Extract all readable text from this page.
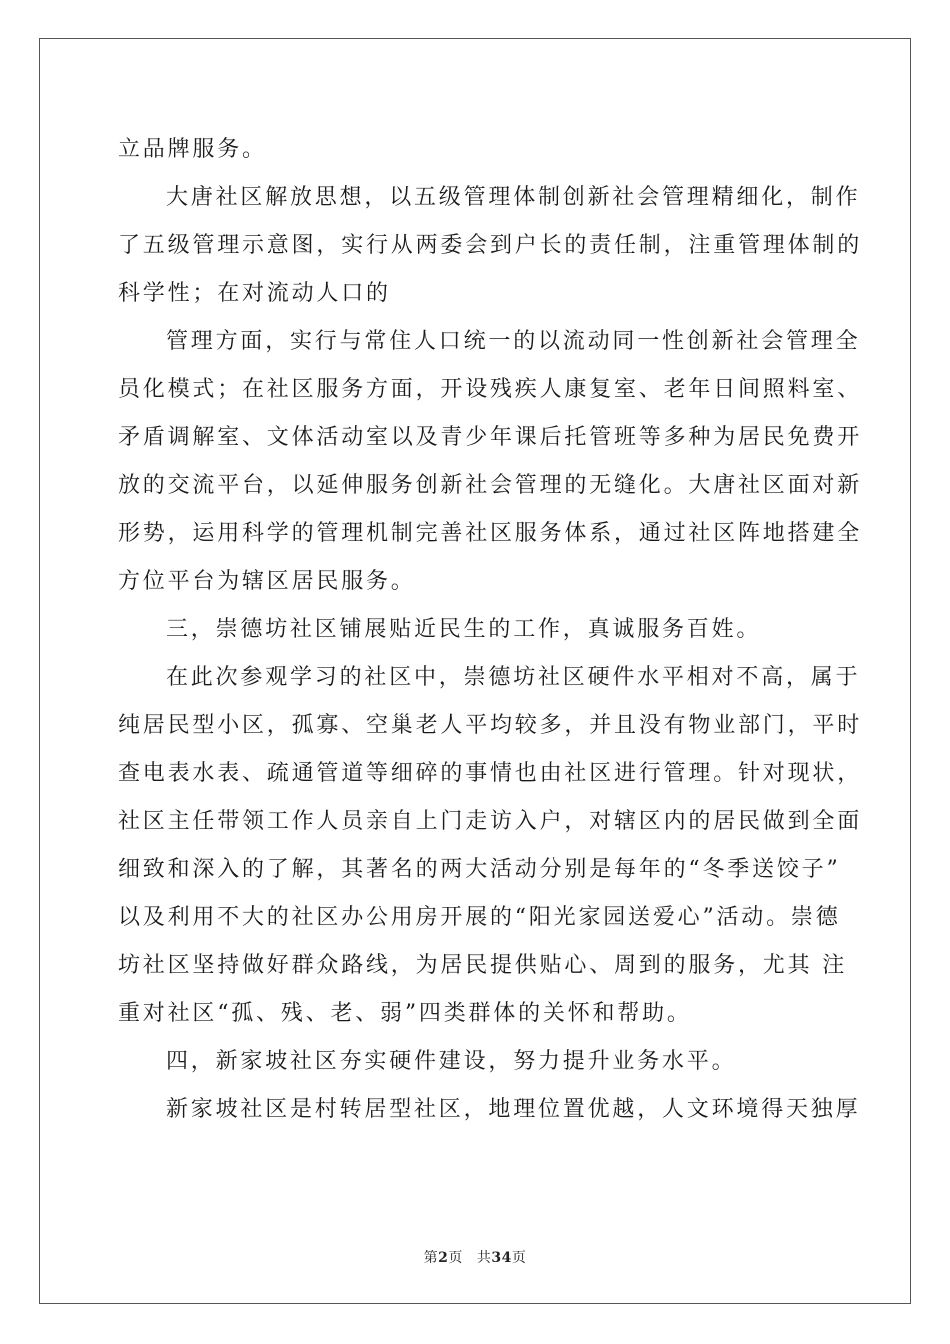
立品牌服务。
大唐社区解放思想，以五级管理体制创新社会管理精细化，制作
了五级管理示意图，实行从两委会到户长的责任制，注重管理体制的
科学性；在对流动人口的
管理方面，实行与常住人口统一的以流动同一性创新社会管理全
员化模式；在社区服务方面，开设残疾人康复室、老年日间照料室、
矛盾调解室、文体活动室以及青少年课后托管班等多种为居民免费开
放的交流平台，以延伸服务创新社会管理的无缝化。大唐社区面对新
形势，运用科学的管理机制完善社区服务体系，通过社区阵地搭建全
方位平台为辖区居民服务。
三，崇德坊社区铺展贴近民生的工作，真诚服务百姓。
在此次参观学习的社区中，崇德坊社区硬件水平相对不高，属于
纯居民型小区，孤寡、空巢老人平均较多，并且没有物业部门，平时
查电表水表、疏通管道等细碎的事情也由社区进行管理。针对现状，
社区主任带领工作人员亲自上门走访入户，对辖区内的居民做到全面
细致和深入的了解，其著名的两大活动分别是每年的“冬季送饺子”
以及利用不大的社区办公用房开展的“阳光家园送爱心”活动。崇德
坊社区坚持做好群众路线，为居民提供贴心、周到的服务，尤其 注
重对社区“孤、残、老、弱”四类群体的关怀和帮助。
四，新家坡社区夯实硬件建设，努力提升业务水平。
新家坡社区是村转居型社区，地理位置优越，人文环境得天独厚
第2页 共34页
